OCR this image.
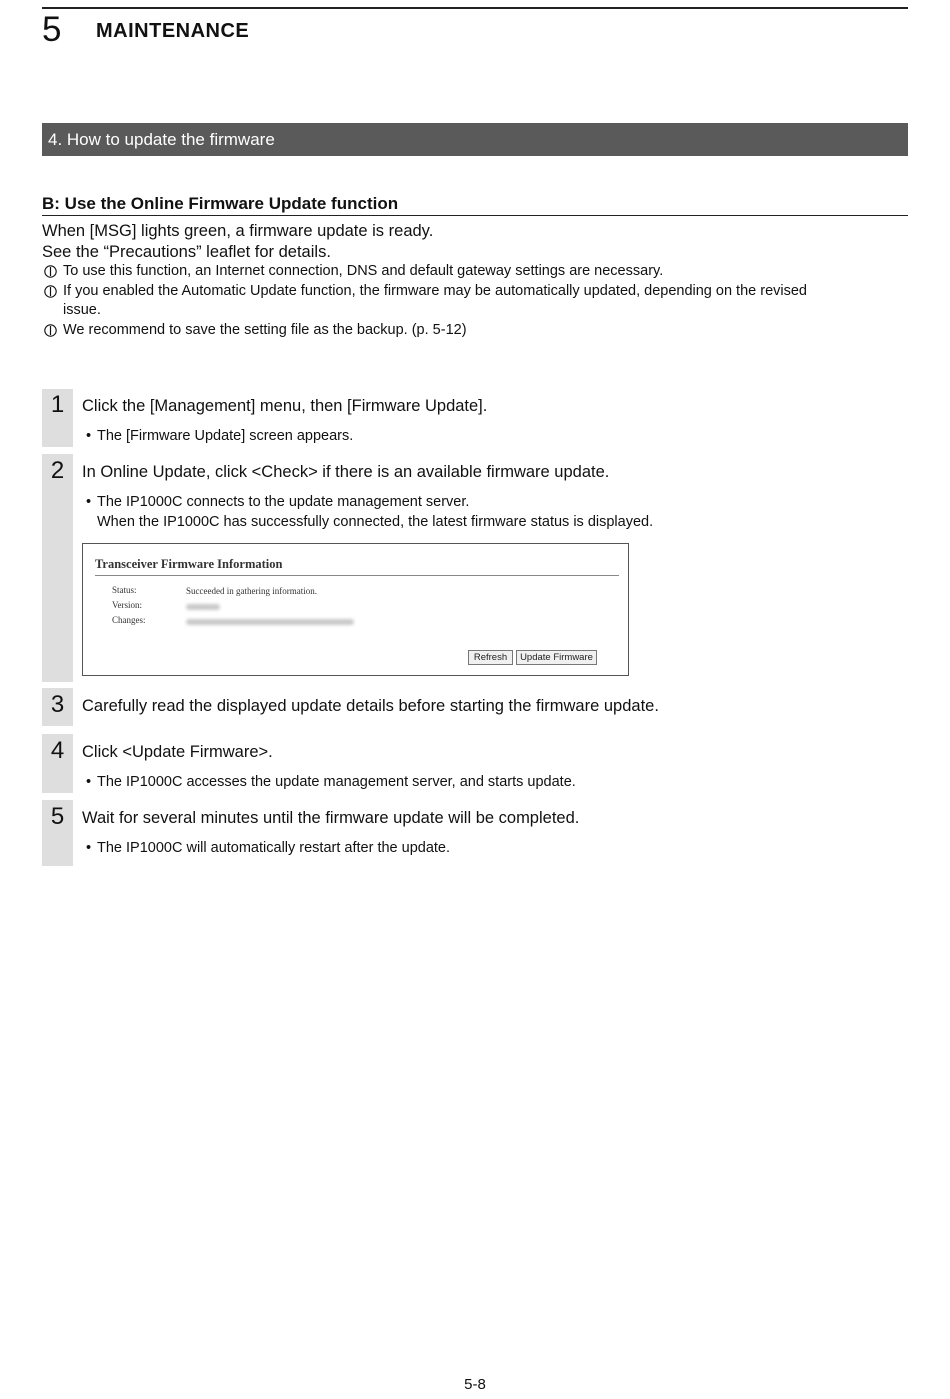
5 MAINTENANCE
4. How to update the firmware
B: Use the Online Firmware Update function
When [MSG] lights green, a firmware update is ready.
See the “Precautions” leaflet for details.
To use this function, an Internet connection, DNS and default gateway settings are necessary.
If you enabled the Automatic Update function, the firmware may be automatically updated, depending on the revised
issue.
We recommend to save the setting file as the backup. (p. 5-12)
1	Click the [Management] menu, then [Firmware Update].
• The [Firmware Update] screen appears.
2	In Online Update, click <Check> if there is an available firmware update.
• The IP1000C connects to the update management server.
When the IP1000C has successfully connected, the latest firmware status is displayed.
Transceiver Firmware Information
Status:	Succeeded in gathering information.
Version:
Changes:
Refresh	Update Firmware
3	Carefully read the displayed update details before starting the firmware update.
4	Click <Update Firmware>.
• The IP1000C accesses the update management server, and starts update.
5	Wait for several minutes until the firmware update will be completed.
• The IP1000C will automatically restart after the update.
5-8
